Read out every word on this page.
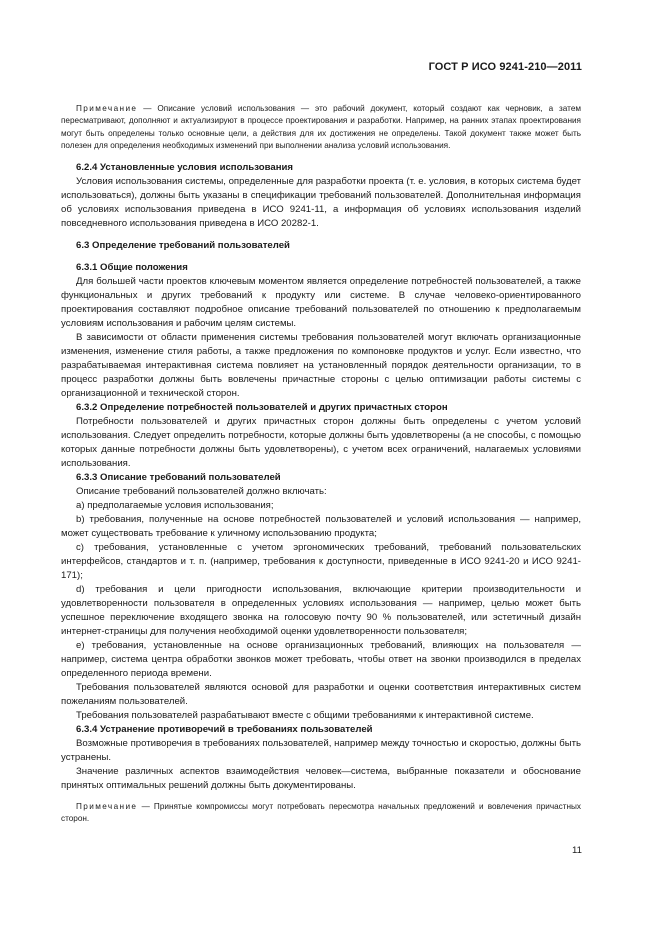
ГОСТ Р ИСО 9241-210—2011

Примечание — Описание условий использования — это рабочий документ, который создают как черновик, а затем пересматривают, дополняют и актуализируют в процессе проектирования и разработки. Например, на ранних этапах проектирования могут быть определены только основные цели, а действия для их достижения не определены. Такой документ также может быть полезен для определения необходимых изменений при выполнении анализа условий использования.

6.2.4 Установленные условия использования

Условия использования системы, определенные для разработки проекта (т. е. условия, в которых система будет использоваться), должны быть указаны в спецификации требований пользователей. Дополнительная информация об условиях использования приведена в ИСО 9241-11, а информация об условиях использования изделий повседневного использования приведена в ИСО 20282-1.

6.3 Определение требований пользователей
6.3.1 Общие положения

Для большей части проектов ключевым моментом является определение потребностей пользователей, а также функциональных и других требований к продукту или системе. В случае человеко-ориентированного проектирования составляют подробное описание требований пользователей по отношению к предполагаемым условиям использования и рабочим целям системы.

В зависимости от области применения системы требования пользователей могут включать организационные изменения, изменение стиля работы, а также предложения по компоновке продуктов и услуг. Если известно, что разрабатываемая интерактивная система повлияет на установленный порядок деятельности организации, то в процесс разработки должны быть вовлечены причастные стороны с целью оптимизации работы системы с организационной и технической сторон.

6.3.2 Определение потребностей пользователей и других причастных сторон

Потребности пользователей и других причастных сторон должны быть определены с учетом условий использования. Следует определить потребности, которые должны быть удовлетворены (а не способы, с помощью которых данные потребности должны быть удовлетворены), с учетом всех ограничений, налагаемых условиями использования.

6.3.3 Описание требований пользователей

Описание требований пользователей должно включать:

a) предполагаемые условия использования;

b) требования, полученные на основе потребностей пользователей и условий использования — например, может существовать требование к уличному использованию продукта;

c) требования, установленные с учетом эргономических требований, требований пользовательских интерфейсов, стандартов и т. п. (например, требования к доступности, приведенные в ИСО 9241-20 и ИСО 9241-171);

d) требования и цели пригодности использования, включающие критерии производительности и удовлетворенности пользователя в определенных условиях использования — например, целью может быть успешное переключение входящего звонка на голосовую почту 90 % пользователей, или эстетичный дизайн интернет-страницы для получения необходимой оценки удовлетворенности пользователя;

e) требования, установленные на основе организационных требований, влияющих на пользователя — например, система центра обработки звонков может требовать, чтобы ответ на звонки производился в пределах определенного периода времени.

Требования пользователей являются основой для разработки и оценки соответствия интерактивных систем пожеланиям пользователей.

Требования пользователей разрабатывают вместе с общими требованиями к интерактивной системе.

6.3.4 Устранение противоречий в требованиях пользователей

Возможные противоречия в требованиях пользователей, например между точностью и скоростью, должны быть устранены.

Значение различных аспектов взаимодействия человек—система, выбранные показатели и обоснование принятых оптимальных решений должны быть документированы.

Примечание — Принятые компромиссы могут потребовать пересмотра начальных предложений и вовлечения причастных сторон.

11
